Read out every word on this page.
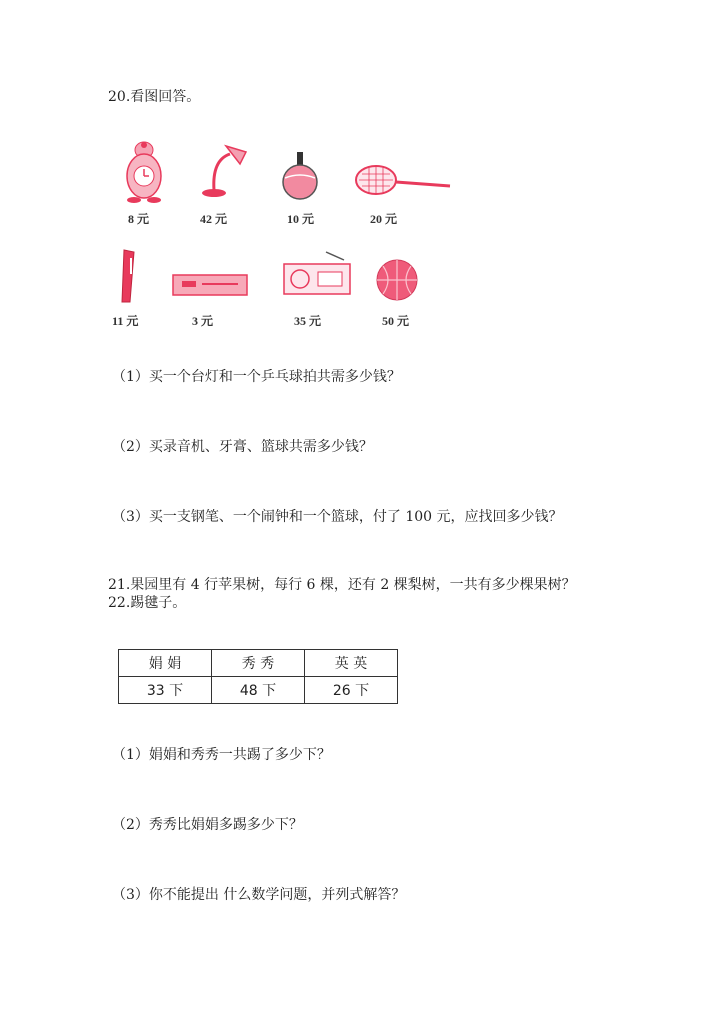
20.看图回答。
8 元	42 元	10 元	20 元
11 元	3 元	35 元	50 元
（1）买一个台灯和一个乒乓球拍共需多少钱？
（2）买录音机、牙膏、篮球共需多少钱？
（3）买一支钢笔、一个闹钟和一个篮球，付了 100 元，应找回多少钱？
21.果园里有 4 行苹果树，每行 6 棵，还有 2 棵梨树，一共有多少棵果树？
22.踢毽子。
娟 娟	秀 秀	英 英
33 下	48 下	26 下
（1）娟娟和秀秀一共踢了多少下？
（2）秀秀比娟娟多踢多少下？
（3）你不能提出 什么数学问题，并列式解答？
